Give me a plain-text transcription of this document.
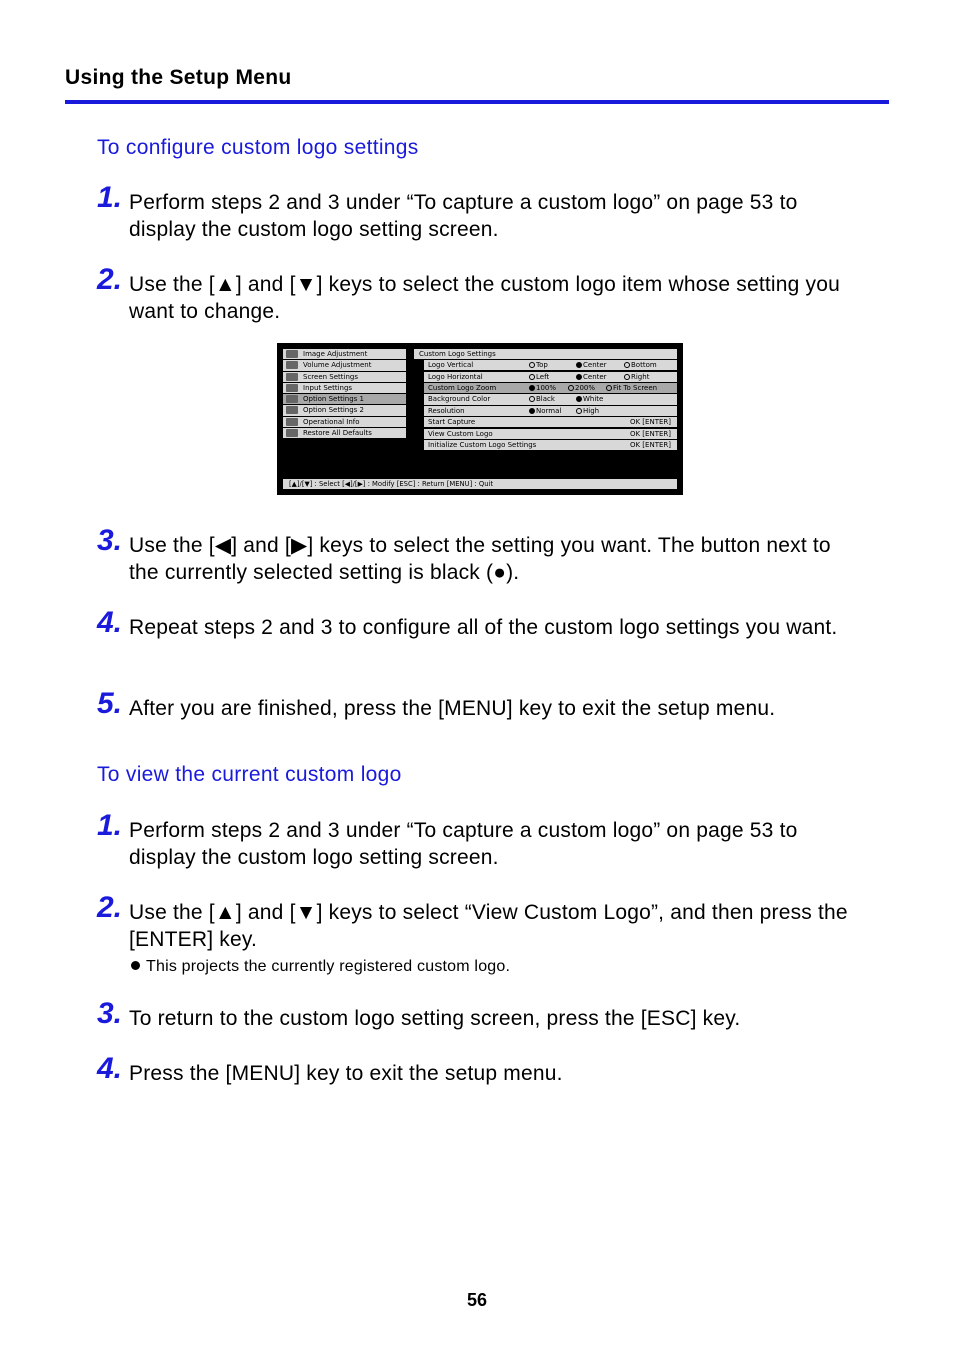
Using the Setup Menu
To configure custom logo settings
1. Perform steps 2 and 3 under “To capture a custom logo” on page 53 to display the custom logo setting screen.
2. Use the [▲] and [▼] keys to select the custom logo item whose setting you want to change.
Image Adjustment
Volume Adjustment
Screen Settings
Input Settings
Option Settings 1
Option Settings 2
Operational Info
Restore All Defaults
Custom Logo Settings
Logo Vertical	Top	Center	Bottom
Logo Horizontal	Left	Center	Right
Custom Logo Zoom	100%	200%	Fit To Screen
Background Color	Black	White
Resolution	Normal	High
Start Capture	OK [ENTER]
View Custom Logo	OK [ENTER]
Initialize Custom Logo Settings	OK [ENTER]
[▲]/[▼] : Select [◀]/[▶] : Modify [ESC] : Return [MENU] : Quit
3. Use the [◀] and [▶] keys to select the setting you want. The button next to the currently selected setting is black (●).
4. Repeat steps 2 and 3 to configure all of the custom logo settings you want.
5. After you are finished, press the [MENU] key to exit the setup menu.
To view the current custom logo
1. Perform steps 2 and 3 under “To capture a custom logo” on page 53 to display the custom logo setting screen.
2. Use the [▲] and [▼] keys to select “View Custom Logo”, and then press the [ENTER] key.
This projects the currently registered custom logo.
3. To return to the custom logo setting screen, press the [ESC] key.
4. Press the [MENU] key to exit the setup menu.
56
